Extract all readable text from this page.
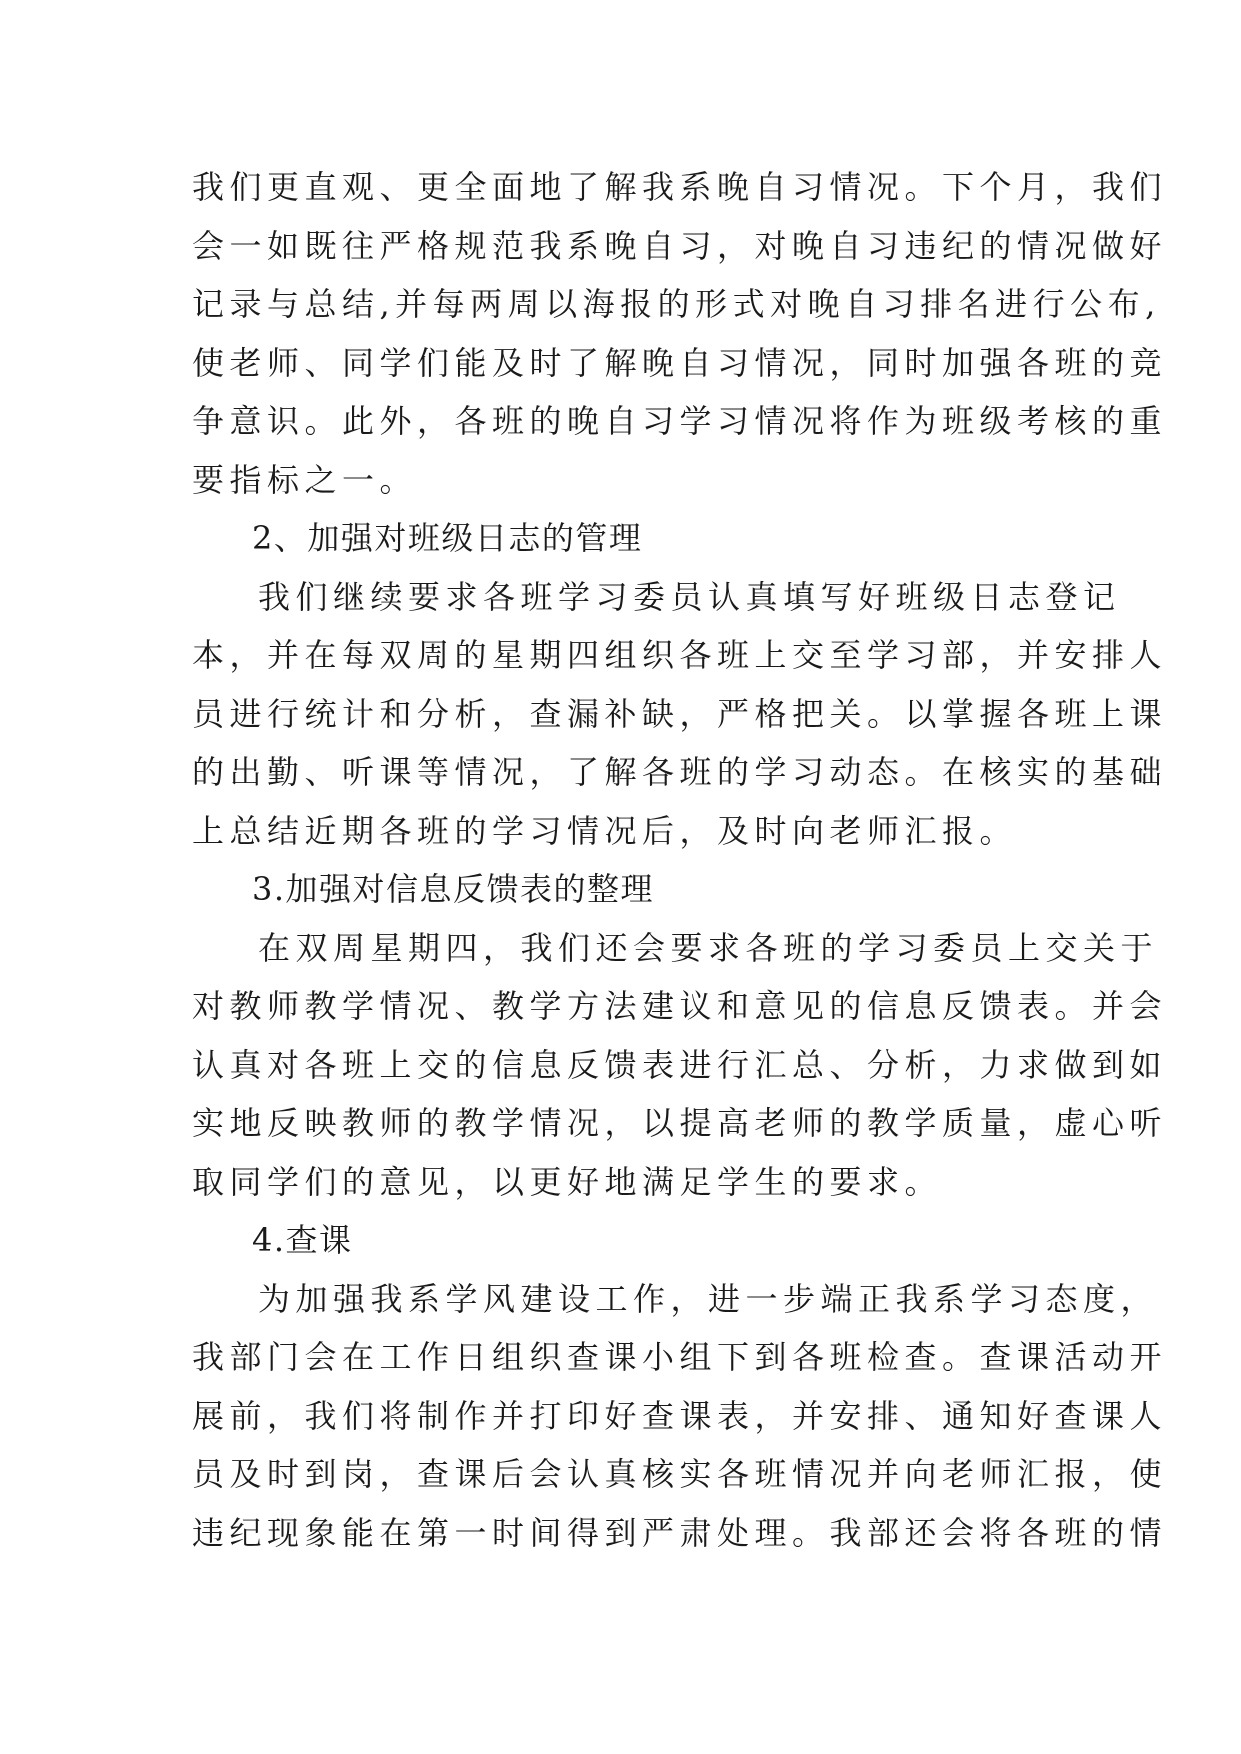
我们更直观、更全面地了解我系晚自习情况。下个月，我们

会一如既往严格规范我系晚自习，对晚自习违纪的情况做好

记录与总结,并每两周以海报的形式对晚自习排名进行公布,

使老师、同学们能及时了解晚自习情况，同时加强各班的竞

争意识。此外，各班的晚自习学习情况将作为班级考核的重

要指标之一。

2、加强对班级日志的管理

我们继续要求各班学习委员认真填写好班级日志登记

本，并在每双周的星期四组织各班上交至学习部，并安排人

员进行统计和分析，查漏补缺，严格把关。以掌握各班上课

的出勤、听课等情况，了解各班的学习动态。在核实的基础

上总结近期各班的学习情况后，及时向老师汇报。

3.加强对信息反馈表的整理

在双周星期四，我们还会要求各班的学习委员上交关于

对教师教学情况、教学方法建议和意见的信息反馈表。并会

认真对各班上交的信息反馈表进行汇总、分析，力求做到如

实地反映教师的教学情况，以提高老师的教学质量，虚心听

取同学们的意见，以更好地满足学生的要求。

4.查课

为加强我系学风建设工作，进一步端正我系学习态度，

我部门会在工作日组织查课小组下到各班检查。查课活动开

展前，我们将制作并打印好查课表，并安排、通知好查课人

员及时到岗，查课后会认真核实各班情况并向老师汇报，使

违纪现象能在第一时间得到严肃处理。我部还会将各班的情
